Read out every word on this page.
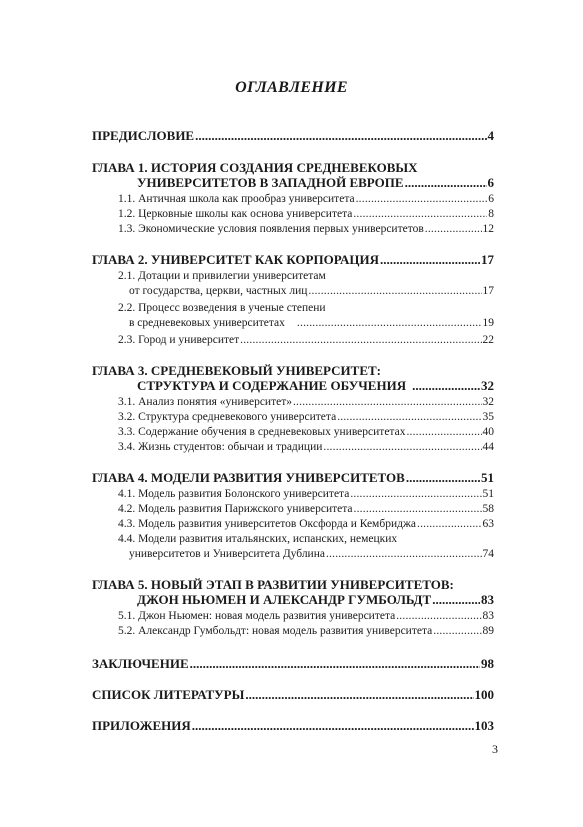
ОГЛАВЛЕНИЕ
ПРЕДИСЛОВИЕ .....	4
ГЛАВА 1. ИСТОРИЯ СОЗДАНИЯ СРЕДНЕВЕКОВЫХ
УНИВЕРСИТЕТОВ В ЗАПАДНОЙ ЕВРОПЕ .....	6
1.1. Античная школа как прообраз университета .....	6
1.2. Церковные школы как основа университета .....	8
1.3. Экономические условия появления первых университетов .....	12
ГЛАВА 2. УНИВЕРСИТЕТ КАК КОРПОРАЦИЯ .....	17
2.1. Дотации и привилегии университетам
от государства, церкви, частных лиц .....	17
2.2. Процесс возведения в ученые степени
в средневековых университетах .....	19
2.3. Город и университет .....	22
ГЛАВА 3. СРЕДНЕВЕКОВЫЙ УНИВЕРСИТЕТ:
СТРУКТУРА И СОДЕРЖАНИЕ ОБУЧЕНИЯ .....	32
3.1. Анализ понятия «университет» .....	32
3.2. Структура средневекового университета .....	35
3.3. Содержание обучения в средневековых университетах .....	40
3.4. Жизнь студентов: обычаи и традиции .....	44
ГЛАВА 4. МОДЕЛИ РАЗВИТИЯ УНИВЕРСИТЕТОВ .....	51
4.1. Модель развития Болонского университета .....	51
4.2. Модель развития Парижского университета .....	58
4.3. Модель развития университетов Оксфорда и Кембриджа .....	63
4.4. Модели развития итальянских, испанских, немецких
университетов и Университета Дублина .....	74
ГЛАВА 5. НОВЫЙ ЭТАП В РАЗВИТИИ УНИВЕРСИТЕТОВ:
ДЖОН НЬЮМЕН И АЛЕКСАНДР ГУМБОЛЬДТ .....	83
5.1. Джон Ньюмен: новая модель развития университета .....	83
5.2. Александр Гумбольдт: новая модель развития университета .....	89
ЗАКЛЮЧЕНИЕ .....	98
СПИСОК ЛИТЕРАТУРЫ .....	100
ПРИЛОЖЕНИЯ .....	103
3
